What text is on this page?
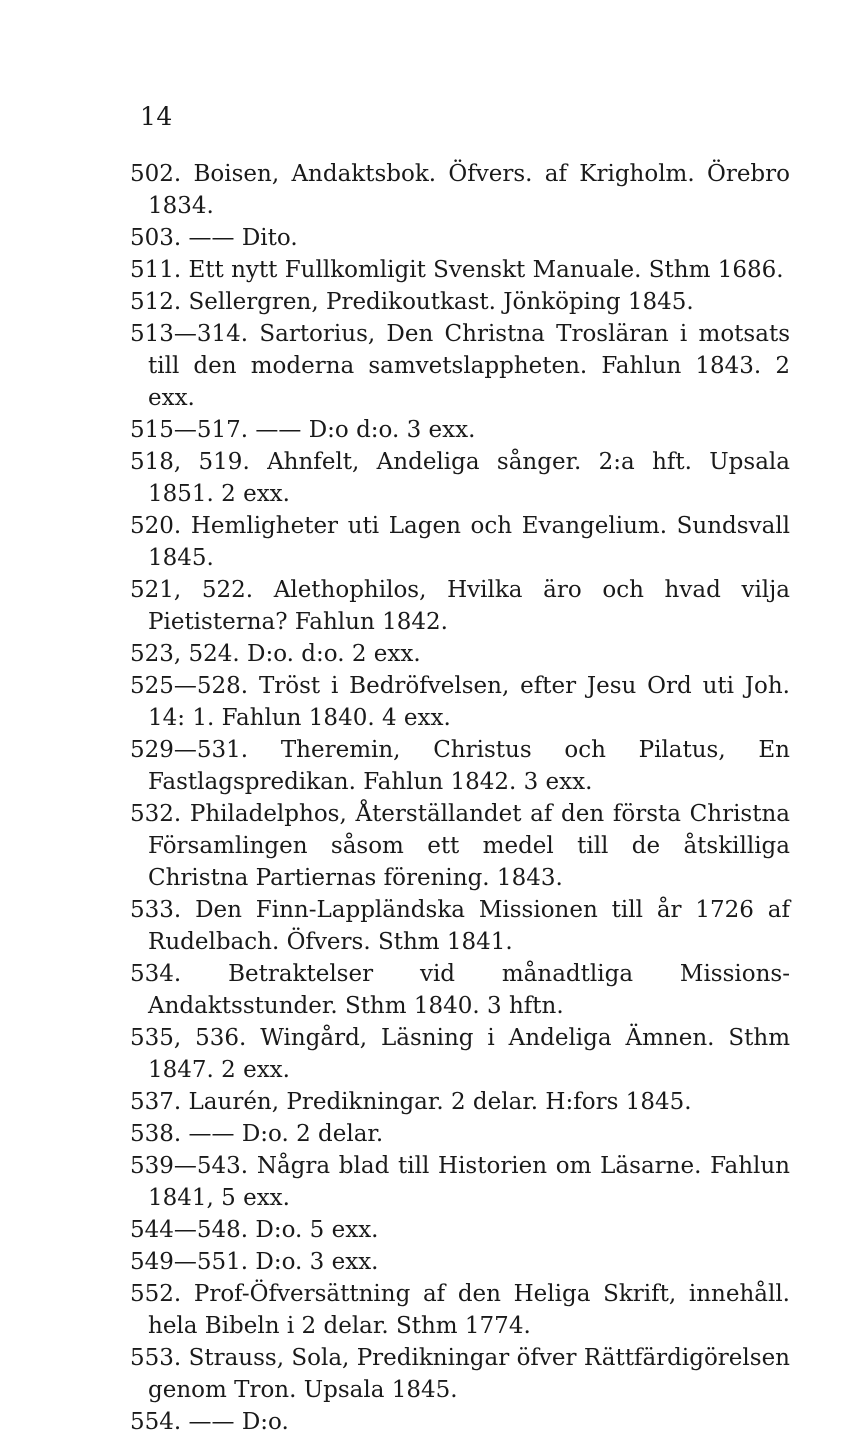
14

502. Boisen, Andaktsbok. Öfvers. af Krigholm. Örebro 1834.

503. —— Dito.

511. Ett nytt Fullkomligit Svenskt Manuale. Sthm 1686.

512. Sellergren, Predikoutkast. Jönköping 1845.

513—314. Sartorius, Den Christna Trosläran i motsats till den moderna samvetslappheten. Fahlun 1843. 2 exx.

515—517. —— D:o d:o. 3 exx.

518, 519. Ahnfelt, Andeliga sånger. 2:a hft. Upsala 1851. 2 exx.

520. Hemligheter uti Lagen och Evangelium. Sundsvall 1845.

521, 522. Alethophilos, Hvilka äro och hvad vilja Pietisterna? Fahlun 1842.

523, 524. D:o. d:o. 2 exx.

525—528. Tröst i Bedröfvelsen, efter Jesu Ord uti Joh. 14: 1. Fahlun 1840. 4 exx.

529—531. Theremin, Christus och Pilatus, En Fastlagspredikan. Fahlun 1842. 3 exx.

532. Philadelphos, Återställandet af den första Christna Församlingen såsom ett medel till de åtskilliga Christna Partiernas förening. 1843.

533. Den Finn-Lappländska Missionen till år 1726 af Rudelbach. Öfvers. Sthm 1841.

534. Betraktelser vid månadtliga Missions-Andaktsstunder. Sthm 1840. 3 hftn.

535, 536. Wingård, Läsning i Andeliga Ämnen. Sthm 1847. 2 exx.

537. Laurén, Predikningar. 2 delar. H:fors 1845.

538. —— D:o. 2 delar.

539—543. Några blad till Historien om Läsarne. Fahlun 1841, 5 exx.

544—548. D:o. 5 exx.

549—551. D:o. 3 exx.

552. Prof-Öfversättning af den Heliga Skrift, innehåll. hela Bibeln i 2 delar. Sthm 1774.

553. Strauss, Sola, Predikningar öfver Rättfärdigörelsen genom Tron. Upsala 1845.

554. —— D:o.
